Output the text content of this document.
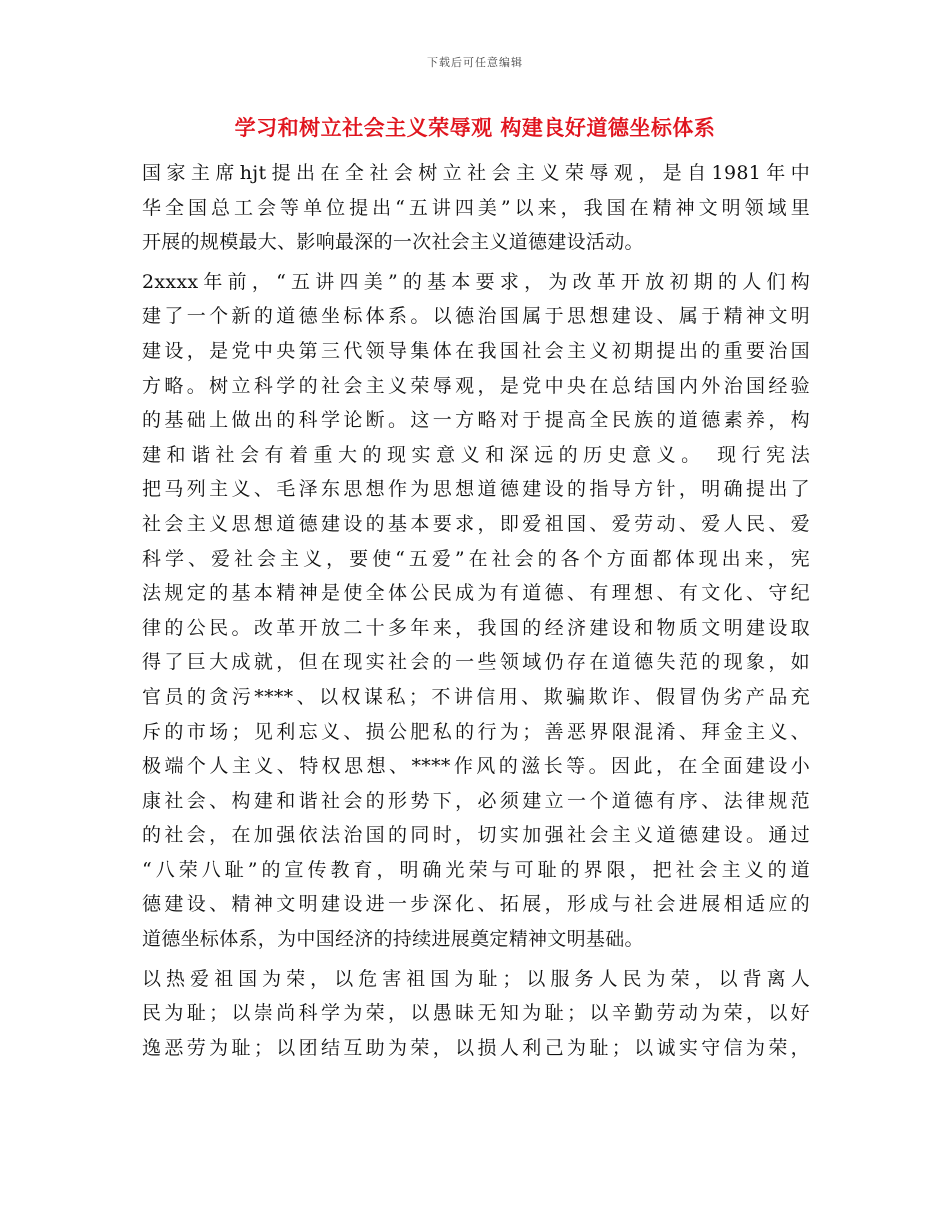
下载后可任意编辑
学习和树立社会主义荣辱观 构建良好道德坐标体系
国家主席hjt提出在全社会树立社会主义荣辱观，是自1981年中
华全国总工会等单位提出“五讲四美”以来，我国在精神文明领域里
开展的规模最大、影响最深的一次社会主义道德建设活动。
2xxxx年前，“五讲四美”的基本要求，为改革开放初期的人们构
建了一个新的道德坐标体系。以德治国属于思想建设、属于精神文明
建设，是党中央第三代领导集体在我国社会主义初期提出的重要治国
方略。树立科学的社会主义荣辱观，是党中央在总结国内外治国经验
的基础上做出的科学论断。这一方略对于提高全民族的道德素养，构
建和谐社会有着重大的现实意义和深远的历史意义。 现行宪法
把马列主义、毛泽东思想作为思想道德建设的指导方针，明确提出了
社会主义思想道德建设的基本要求，即爱祖国、爱劳动、爱人民、爱
科学、爱社会主义，要使“五爱”在社会的各个方面都体现出来，宪
法规定的基本精神是使全体公民成为有道德、有理想、有文化、守纪
律的公民。改革开放二十多年来，我国的经济建设和物质文明建设取
得了巨大成就，但在现实社会的一些领域仍存在道德失范的现象，如
官员的贪污****、以权谋私；不讲信用、欺骗欺诈、假冒伪劣产品充
斥的市场；见利忘义、损公肥私的行为；善恶界限混淆、拜金主义、
极端个人主义、特权思想、****作风的滋长等。因此，在全面建设小
康社会、构建和谐社会的形势下，必须建立一个道德有序、法律规范
的社会，在加强依法治国的同时，切实加强社会主义道德建设。通过
“八荣八耻”的宣传教育，明确光荣与可耻的界限，把社会主义的道
德建设、精神文明建设进一步深化、拓展，形成与社会进展相适应的
道德坐标体系，为中国经济的持续进展奠定精神文明基础。
以热爱祖国为荣，以危害祖国为耻；以服务人民为荣，以背离人
民为耻；以崇尚科学为荣，以愚昧无知为耻；以辛勤劳动为荣，以好
逸恶劳为耻；以团结互助为荣，以损人利己为耻；以诚实守信为荣，
